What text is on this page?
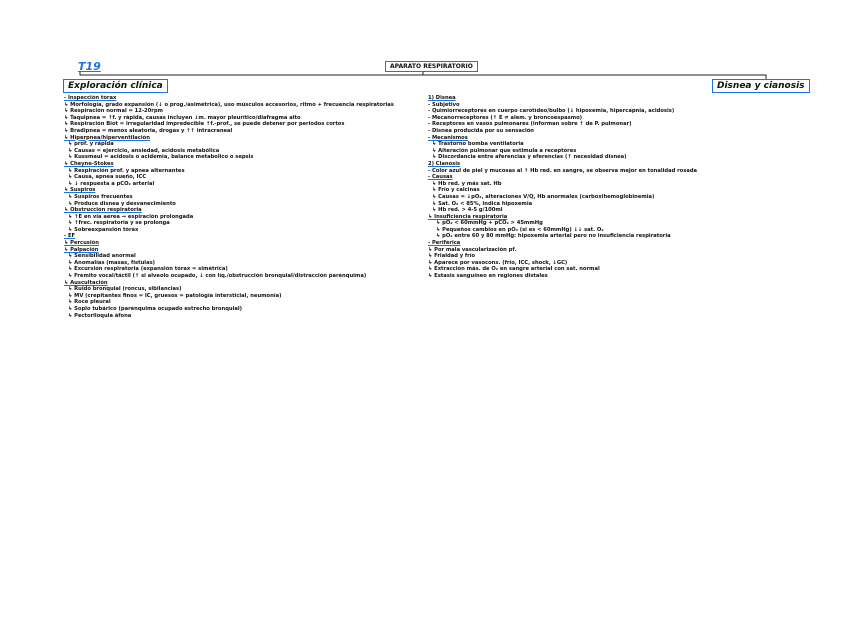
T19	APARATO RESPIRATORIO
Exploración clínica	Disnea y cianosis
- Inspección tórax
↳ Morfología, grado expansión (↓ o prog./asimétrica), uso músculos accesorios, ritmo + frecuencia respiratorias
↳ Respiración normal = 12-20rpm
↳ Taquipnea = ↑f. y rápida, causas incluyen ↓m. mayor pleurítico/diafragma alto
↳ Respiración Biot = irregularidad impredecible ↑f.-prof., se puede detener por periodos cortos
↳ Bradipnea = menos aleatoria, drogas y ↑↑ intracraneal
↳ Hiperpnea/hiperventilación
↳ prof. y rápida
↳ Causas = ejercicio, ansiedad, acidosis metabólica
↳ Kussmaul = acidosis o acidemia, balance metabolico o sepsis
↳ Cheyne-Stokes
↳ Respiración prof. y apnea alternantes
↳ Causa, apnea sueño, ICC
↳ ↓ respuesta a pCO₂ arterial
↳ Suspiros
↳ Suspiros frecuentes
↳ Produce disnea y desvanecimiento
↳ Obstrucción respiratoria
↳ ↑E en vía aérea → espiración prolongada
↳ ↑frec. respiratoria y se prolonga
↳ Sobreexpansión tórax
- EF
↳ Percusión
↳ Palpación
↳ Sensibilidad anormal
↳ Anomalías (masas, fístulas)
↳ Excursión respiratoria (expansión tórax = simétrica)
↳ Frémito vocal/táctil (↑ si alveolo ocupado, ↓ con líq./obstrucción bronquial/distracción parénquima)
↳ Auscultación
↳ Ruido bronquial (roncus, sibilancias)
↳ MV (crepitantes finos = IC, gruesos = patología intersticial, neumonía)
↳ Roce pleural
↳ Soplo tubárico (parénquima ocupado estrecho bronquial)
↳ Pectoriloquia áfona
1) Disnea
- Subjetivo
- Quimiorreceptores en cuerpo carotídeo/bulbo (↓ hipoxemia, hipercapnia, acidosis)
- Mecanorreceptores (↑ E ≠ alem. y broncoespasmo)
- Receptores en vasos pulmonares (informan sobre ↑ de P. pulmonar)
- Disnea producida por su sensación
- Mecanismos
↳ Trastorno bomba ventilatoria
↳ Alteración pulmonar que estimula a receptores
↳ Discordancia entre aferencias y eferencias (↑ necesidad disnea)
2) Cianosis
- Color azul de piel y mucosas al ↑ Hb red. en sangre, se observa mejor en tonalidad rosada
- Causas
↳ Hb red. y más sat. Hb
↳ Frío y calcinas
↳ Causas = ↓pO₂, alteraciones V/Q, Hb anormales (carboxihemoglobinemia)
↳ Sat. O₂ < 85%, indica hipoxemia
↳ Hb red. > 4-5 g/100ml
↳ Insuficiencia respiratoria
↳ pO₂ < 60mmHg + pCO₂ > 45mmHg
↳ Pequeños cambios en pO₂ (si es < 60mmHg) ↓↓ sat. O₂
↳ pO₂ entre 60 y 80 mmHg: hipoxemia arterial pero no insuficiencia respiratoria
- Periférica
↳ Por mala vascularización pf.
↳ Frialdad y frío
↳ Aparece por vasocons. (frío, ICC, shock, ↓GC)
↳ Extracción más. de O₂ en sangre arterial con sat. normal
↳ Estasis sanguíneo en regiones distales
